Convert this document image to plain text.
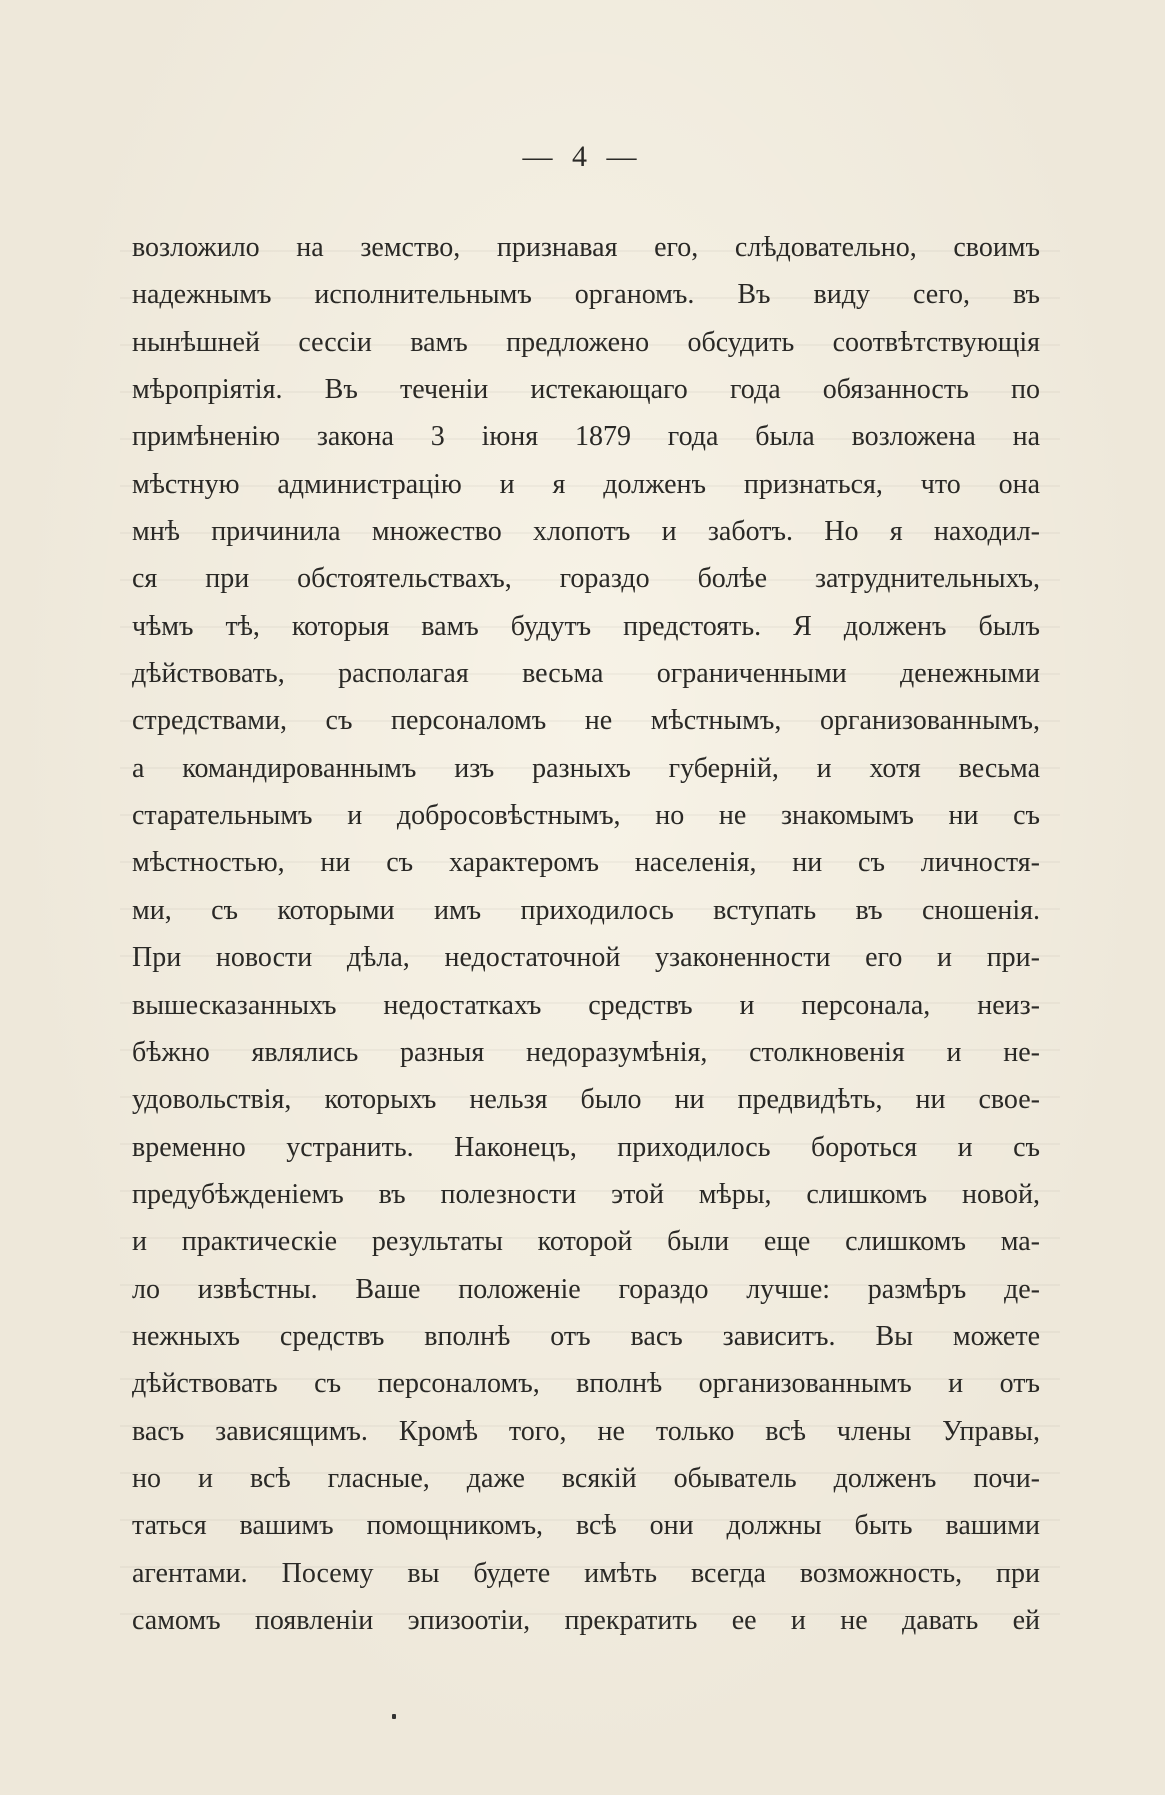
— 4 —
возложило на земство, признавая его, слѣдовательно, своимъ
надежнымъ исполнительнымъ органомъ. Въ виду сего, въ
нынѣшней сессіи вамъ предложено обсудить соотвѣтствующія
мѣропріятія. Въ теченіи истекающаго года обязанность по
примѣненію закона 3 іюня 1879 года была возложена на
мѣстную администрацію и я долженъ признаться, что она
мнѣ причинила множество хлопотъ и заботъ. Но я находил-
ся при обстоятельствахъ, гораздо болѣе затруднительныхъ,
чѣмъ тѣ, которыя вамъ будутъ предстоять. Я долженъ былъ
дѣйствовать, располагая весьма ограниченными денежными
стредствами, съ персоналомъ не мѣстнымъ, организованнымъ,
а командированнымъ изъ разныхъ губерній, и хотя весьма
старательнымъ и добросовѣстнымъ, но не знакомымъ ни съ
мѣстностью, ни съ характеромъ населенія, ни съ личностя-
ми, съ которыми имъ приходилось вступать въ сношенія.
При новости дѣла, недостаточной узаконенности его и при-
вышесказанныхъ недостаткахъ средствъ и персонала, неиз-
бѣжно являлись разныя недоразумѣнія, столкновенія и не-
удовольствія, которыхъ нельзя было ни предвидѣть, ни свое-
временно устранить. Наконецъ, приходилось бороться и съ
предубѣжденіемъ въ полезности этой мѣры, слишкомъ новой,
и практическіе результаты которой были еще слишкомъ ма-
ло извѣстны. Ваше положеніе гораздо лучше: размѣръ де-
нежныхъ средствъ вполнѣ отъ васъ зависитъ. Вы можете
дѣйствовать съ персоналомъ, вполнѣ организованнымъ и отъ
васъ зависящимъ. Кромѣ того, не только всѣ члены Управы,
но и всѣ гласные, даже всякій обыватель долженъ почи-
таться вашимъ помощникомъ, всѣ они должны быть вашими
агентами. Посему вы будете имѣть всегда возможность, при
самомъ появленіи эпизоотіи, прекратить ее и не давать ей
